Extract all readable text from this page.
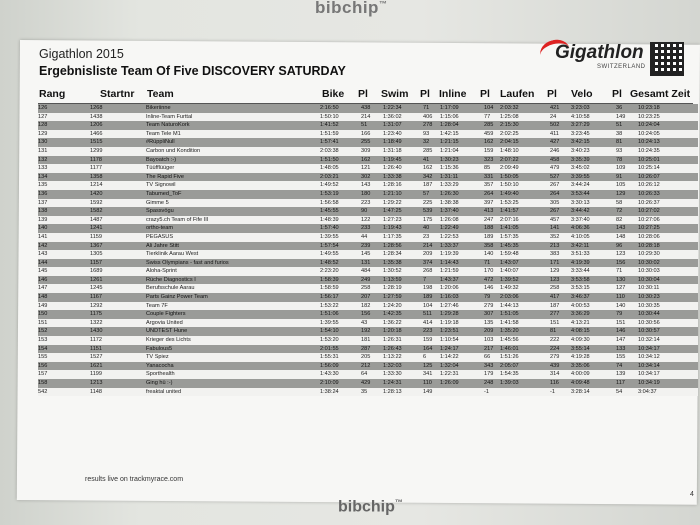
bibchip™
Gigathlon 2015
Ergebnisliste Team Of Five DISCOVERY SATURDAY
Gigathlon
SWITZERLAND
Rang	Startnr Team	Bike Pl Swim Pl Inline Pl Laufen Pl Velo Pl Gesamt Zeit
126	1268	Bikeriinne	2:16:50	438 1:22:34	71 1:17:09	104 2:03:32	421 3:23:03	36	10:23:18
127	1438	Inline-Team Furttal	1:50:10	214 1:36:02	406 1:15:06	77 1:25:08	24	4:10:58	149 10:23:25
128	1206	Team NaturoKork	1:41:52	51	1:31:07	278 1:28:04	285 2:15:30	502 3:27:29	51	10:24:04
129	1466	Team Tele M1	1:51:59	166 1:23:40	93 1:42:15	459 2:02:25	411 3:23:45	38	10:24:05
130	1515	#RüppliNull	1:57:41	255 1:18:49	32 1:21:15	162 2:04:15	427 3:42:15	81	10:24:13
131	1299	Carbon und Kondition	2:03:38	309 1:31:18	285 1:21:04	159 1:48:10	246 3:40:23	93	10:24:35
132	1178	Bayoatch :-)	1:51:50	162 1:19:45	41 1:30:23	323 2:07:22	458 3:35:39	78	10:25:01
133	1177	Tüüfflüüger	1:48:05	121 1:26:40	162 1:15:36	85 2:09:49	479 3:45:02	109 10:25:14
134	1358	The Rapid Five	2:03:21	302 1:33:38	342 1:31:11	331 1:50:05	527 3:39:55	91	10:26:07
135	1214	TV Signowil	1:49:52	143 1:28:16	187 1:33:29	357 1:50:10	267 3:44:24	105 10:26:12
136	1420	Tabumed_ToF	1:53:19	180 1:21:10	57 1:26:30	264 1:49:40	264 3:53:44	129 10:26:33
137	1592	Gimme 5	1:56:58	223 1:29:22	225 1:38:38	397 1:53:25	305 3:30:13	58	10:26:37
138	1582	Spassvögu	1:45:55	90	1:47:25	539 1:37:40	413 1:41:57	267 3:44:42	72	10:27:02
139	1487	crazy5.ch Team of Fife III	1:48:39	122 1:27:23	175 1:26:08	247 2:07:16	457 3:37:40	82	10:27:06
140	1241	ortho-team	1:57:40	233 1:19:43	40 1:22:49	188 1:41:05	141 4:06:36	143 10:27:25
141	1159	PEGASUS	1:39:55	44	1:17:35	23 1:22:53	189 1:57:35	352 4:10:05	148 10:28:06
142	1367	Ali Jahre Stitt	1:57:54	239 1:28:56	214 1:33:37	358 1:45:35	213 3:42:11	96	10:28:18
143	1305	Tierklinik Aarau West	1:49:55	145 1:28:34	209 1:19:39	140 1:59:48	383 3:51:33	123 10:29:30
144	1157	Swiss Olympians - fast and furios	1:48:52	131 1:35:38	374 1:14:43	71 1:43:07	171 4:19:39	156 10:30:02
145	1689	Aloha-Sprint	2:23:20	484 1:30:52	268 1:21:59	170 1:40:07	129 3:33:44	71	10:30:03
146	1261	Rüche Diagnostics I	1:58:39	249 1:13:59	7 1:43:37	472 1:39:52	123 3:53:58	130 10:30:04
147	1245	Berufsschule Aarau	1:58:59	258 1:28:19	198 1:20:06	146 1:49:32	258 3:53:15	127 10:30:11
148	1167	Parts Gainz Power Team	1:56:17	207 1:27:59	189 1:16:03	79 2:03:06	417 3:46:37	110 10:30:23
149	1292	Team 7F	1:53:22	182 1:24:20	104 1:27:46	279 1:44:13	187 4:00:53	140 10:30:35
150	1175	Couple Fighters	1:51:06	156 1:42:35	511 1:29:28	307 1:51:05	277 3:36:29	79	10:30:44
151	1322	Argovia United	1:39:55	43	1:36:22	414 1:19:18	135 1:41:58	151 4:13:21	151 10:30:56
152	1430	UNDTEST Hune	1:54:10	192 1:20:18	223 1:23:51	209 1:35:20	81	4:08:15	146 10:30:57
153	1172	Krieger des Lichts	1:53:20	181 1:26:31	159 1:10:54	103 1:45:56	222 4:09:30	147 10:32:14
154	1151	Fabulous5	2:01:55	287 1:26:43	164 1:24:17	217 1:46:01	224 3:55:14	133 10:34:17
155	1527	TV Spiez	1:55:31	205 1:13:22	6 1:14:22	66 1:51:26	279 4:19:28	155 10:34:12
156	1621	Yanacocha	1:56:09	212 1:32:03	125 1:32:04	343 2:05:07	439 3:35:06	74	10:34:14
157	1199	Sporthealth	1:43:30	64	1:33:30	341 1:22:31	179 1:54:35	314 4:00:09	139 10:34:17
158	1213	Ging hü :-)	2:10:09	429 1:24:31	110 1:26:09	248 1:39:03	116 4:09:48	117 10:34:19
542	1148	freaktal united	1:38:24	35	1:28:13	149	-1	-1	3:28:14	54	3:04:37
results live on trackmyrace.com
4
bibchip™
